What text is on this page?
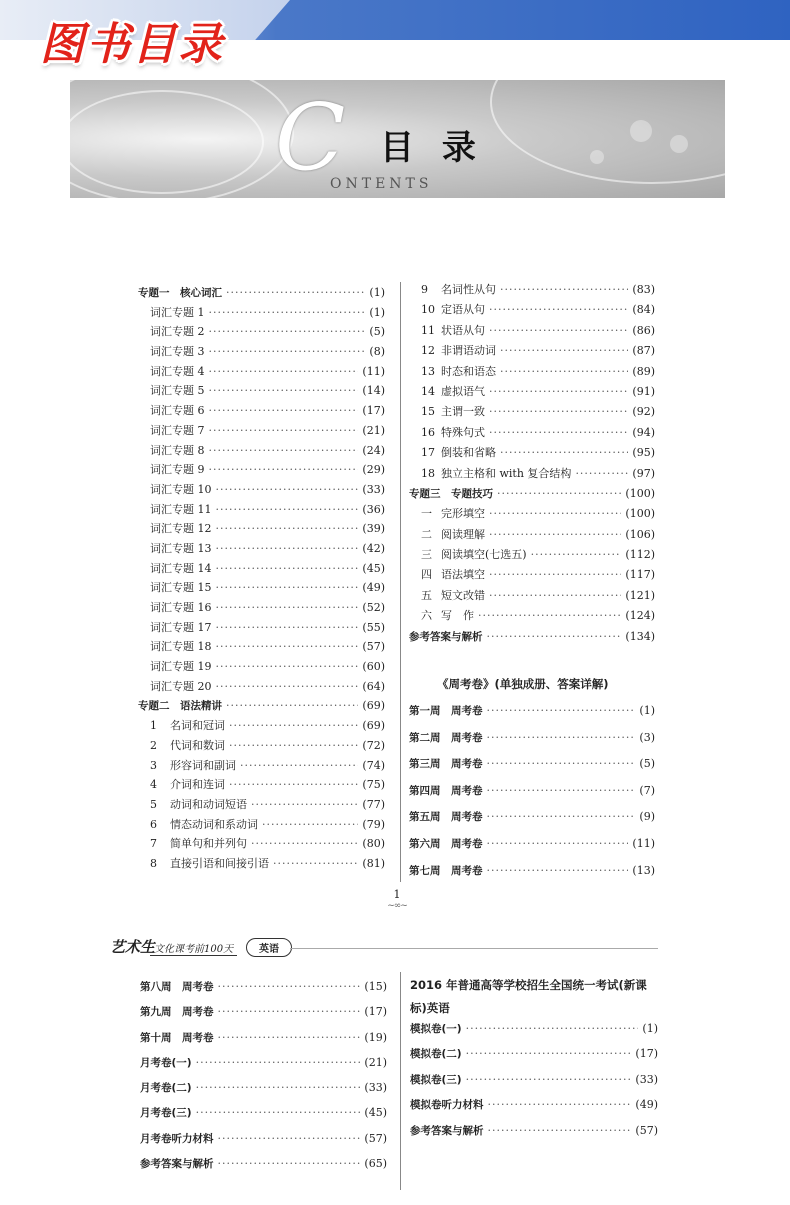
图书目录
C 目 录
ONTENTS
专题一　核心词汇 ·····	(1)
词汇专题 1 ·····	(1)
词汇专题 2 ·····	(5)
词汇专题 3 ·····	(8)
词汇专题 4 ·····	(11)
词汇专题 5 ·····	(14)
词汇专题 6 ·····	(17)
词汇专题 7 ·····	(21)
词汇专题 8 ·····	(24)
词汇专题 9 ·····	(29)
词汇专题 10 ·····	(33)
词汇专题 11 ·····	(36)
词汇专题 12 ·····	(39)
词汇专题 13 ·····	(42)
词汇专题 14 ·····	(45)
词汇专题 15 ·····	(49)
词汇专题 16 ·····	(52)
词汇专题 17 ·····	(55)
词汇专题 18 ·····	(57)
词汇专题 19 ·····	(60)
词汇专题 20 ·····	(64)
专题二　语法精讲 ·····	(69)
1 名词和冠词 ·····	(69)
2 代词和数词 ·····	(72)
3 形容词和副词 ·····	(74)
4 介词和连词 ·····	(75)
5 动词和动词短语 ·····	(77)
6 情态动词和系动词 ·····	(79)
7 简单句和并列句 ·····	(80)
8 直接引语和间接引语 ·····	(81)
9 名词性从句 ·····	(83)
10 定语从句 ·····	(84)
11 状语从句 ·····	(86)
12 非谓语动词 ·····	(87)
13 时态和语态 ·····	(89)
14 虚拟语气 ·····	(91)
15 主谓一致 ·····	(92)
16 特殊句式 ·····	(94)
17 倒装和省略 ·····	(95)
18 独立主格和 with 复合结构 ·····	(97)
专题三　专题技巧 ·····	(100)
一 完形填空 ·····	(100)
二 阅读理解 ·····	(106)
三 阅读填空(七选五) ·····	(112)
四 语法填空 ·····	(117)
五 短文改错 ·····	(121)
六 写　作 ·····	(124)
参考答案与解析 ·····	(134)
《周考卷》(单独成册、答案详解)
第一周　周考卷 ·····	(1)
第二周　周考卷 ·····	(3)
第三周　周考卷 ·····	(5)
第四周　周考卷 ·····	(7)
第五周　周考卷 ·····	(9)
第六周　周考卷 ·····	(11)
第七周　周考卷 ·····	(13)
1
~∞~
艺术生
文化课考前100天	英语
第八周　周考卷 ·····	(15)
第九周　周考卷 ·····	(17)
第十周　周考卷 ·····	(19)
月考卷(一) ·····	(21)
月考卷(二) ·····	(33)
月考卷(三) ·····	(45)
月考卷听力材料 ·····	(57)
参考答案与解析 ·····	(65)
2016 年普通高等学校招生全国统一考试(新课标)英语
模拟卷(一) ·····	(1)
模拟卷(二) ·····	(17)
模拟卷(三) ·····	(33)
模拟卷听力材料 ·····	(49)
参考答案与解析 ·····	(57)
